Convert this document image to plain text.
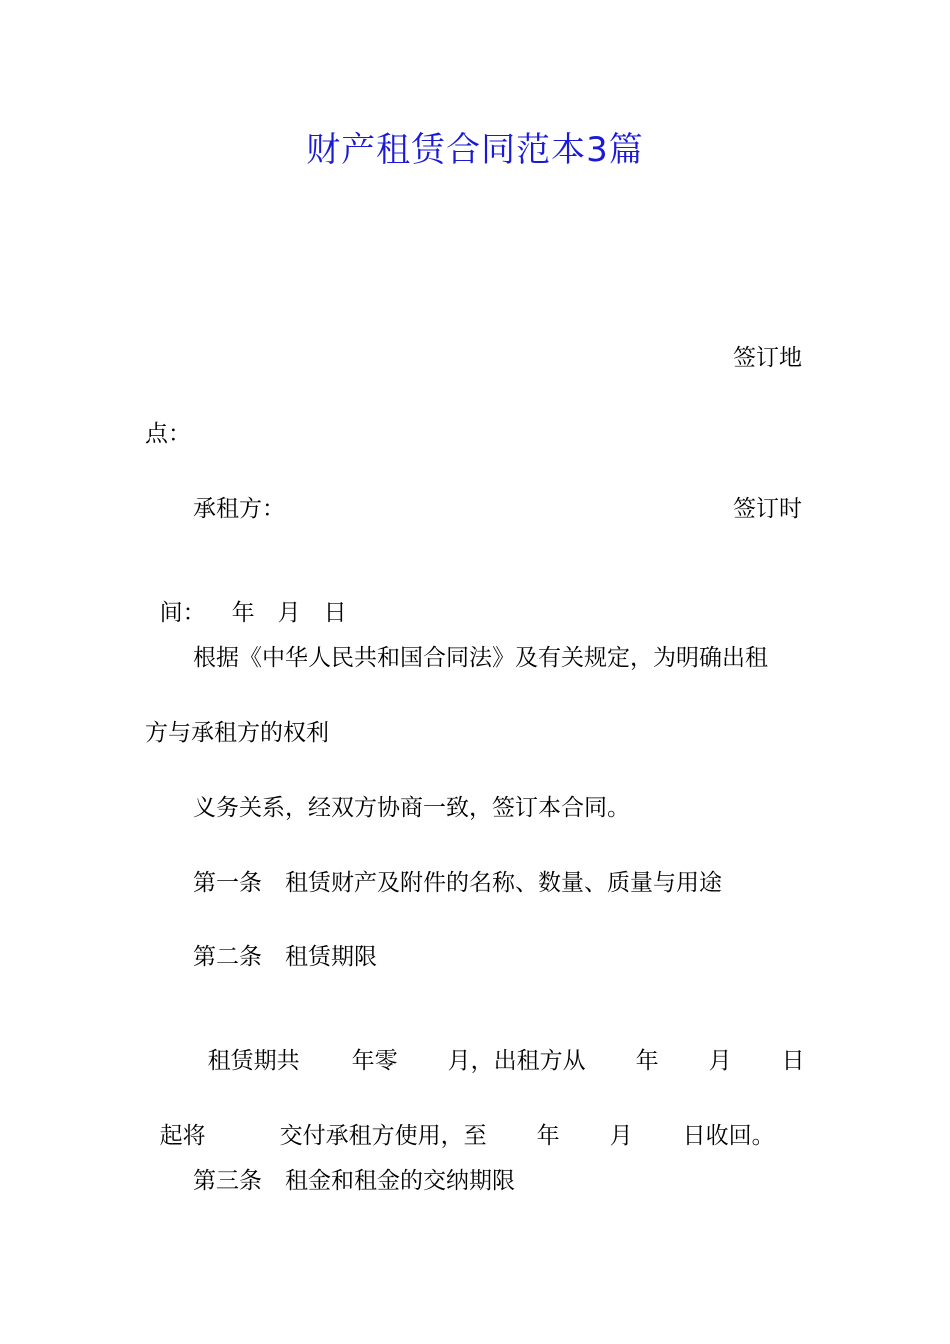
财产租赁合同范本3篇
签订地
点：
承租方：	签订时

间： 年 月 日

根据《中华人民共和国合同法》及有关规定，为明确出租
方与承租方的权利
义务关系，经双方协商一致，签订本合同。
第一条　租赁财产及附件的名称、数量、质量与用途
第二条　租赁期限

租赁期共 年零 月，出租方从 年 月 日

起将	交付承租方使用，至 年 月 日收回。

第三条　租金和租金的交纳期限
